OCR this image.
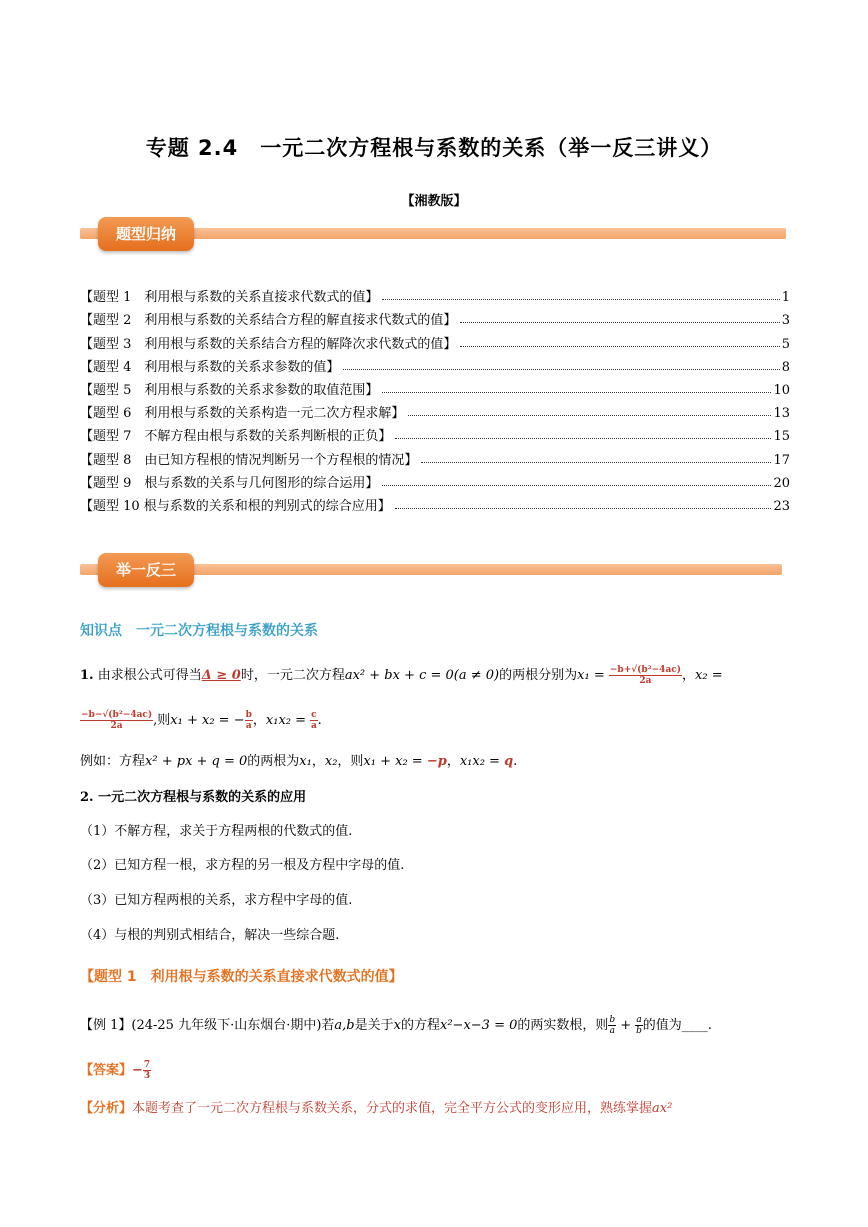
专题 2.4　一元二次方程根与系数的关系（举一反三讲义）
【湘教版】
题型归纳
【题型 1　利用根与系数的关系直接求代数式的值】	1
【题型 2　利用根与系数的关系结合方程的解直接求代数式的值】	3
【题型 3　利用根与系数的关系结合方程的解降次求代数式的值】	5
【题型 4　利用根与系数的关系求参数的值】	8
【题型 5　利用根与系数的关系求参数的取值范围】	10
【题型 6　利用根与系数的关系构造一元二次方程求解】	13
【题型 7　不解方程由根与系数的关系判断根的正负】	15
【题型 8　由已知方程根的情况判断另一个方程根的情况】	17
【题型 9　根与系数的关系与几何图形的综合运用】	20
【题型 10 根与系数的关系和根的判别式的综合应用】	23
举一反三
知识点　一元二次方程根与系数的关系
1. 由求根公式可得当Δ ≥ 0时，一元二次方程ax² + bx + c = 0(a ≠ 0)的两根分别为$x_1 = \frac{\text{−b+√(b²−4ac)}}{2a}$ ，x₂ =
$\frac{\text{−b−√(b²−4ac)}}{2a}$ ,则x₁ + x₂ = − $\frac{b}{a}$ ，$x_1x_2 = \frac{c}{a}$ .
例如：方程x² + px + q = 0的两根为x₁，x₂，则x₁ + x₂ = −p，x₁x₂ = q.
2. 一元二次方程根与系数的关系的应用
（1）不解方程，求关于方程两根的代数式的值.
（2）已知方程一根，求方程的另一根及方程中字母的值.
（3）已知方程两根的关系，求方程中字母的值.
（4）与根的判别式相结合，解决一些综合题.
【题型 1　利用根与系数的关系直接求代数式的值】
【例 1】(24-25 九年级下·山东烟台·期中)若a,b是关于x的方程x²−x−3 = 0的两实数根，则 $\frac{b}{a} + \frac{a}{b}$ 的值为____.
【答案】− $\frac{7}{3}$
【分析】本题考查了一元二次方程根与系数关系，分式的求值，完全平方公式的变形应用，熟练掌握ax²
